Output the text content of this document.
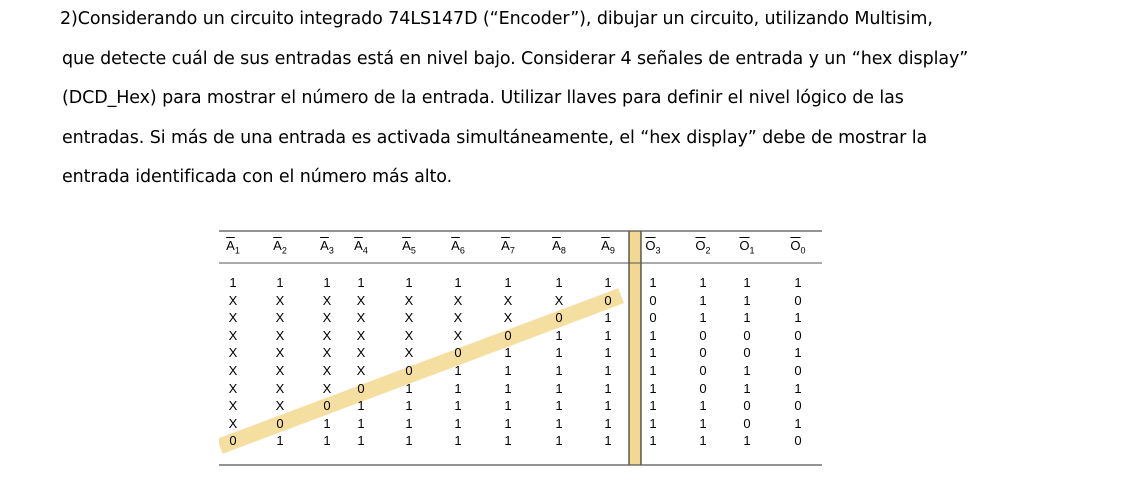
2)Considerando un circuito integrado 74LS147D (“Encoder”), dibujar un circuito, utilizando Multisim,
que detecte cuál de sus entradas está en nivel bajo. Considerar 4 señales de entrada y un “hex display”
(DCD_Hex) para mostrar el número de la entrada. Utilizar llaves para definir el nivel lógico de las
entradas. Si más de una entrada es activada simultáneamente, el “hex display” debe de mostrar la
entrada identificada con el número más alto.
$\overline{A}_1$	$\overline{A}_2$	$\overline{A}_3$	$\overline{A}_4$	$\overline{A}_5$	$\overline{A}_6$	$\overline{A}_7$	$\overline{A}_8$	$\overline{A}_9$	$\overline{O}_3$	$\overline{O}_2$	$\overline{O}_1$	$\overline{O}_0$
1	1	1	1	1	1	1	1	1	1	1	1	1
X	X	X	X	X	X	X	X	0	0	1	1	0
X	X	X	X	X	X	X	0	1	0	1	1	1
X	X	X	X	X	X	0	1	1	1	0	0	0
X	X	X	X	X	0	1	1	1	1	0	0	1
X	X	X	X	0	1	1	1	1	1	0	1	0
X	X	X	0	1	1	1	1	1	1	0	1	1
X	X	0	1	1	1	1	1	1	1	1	0	0
X	0	1	1	1	1	1	1	1	1	1	0	1
0	1	1	1	1	1	1	1	1	1	1	1	0
